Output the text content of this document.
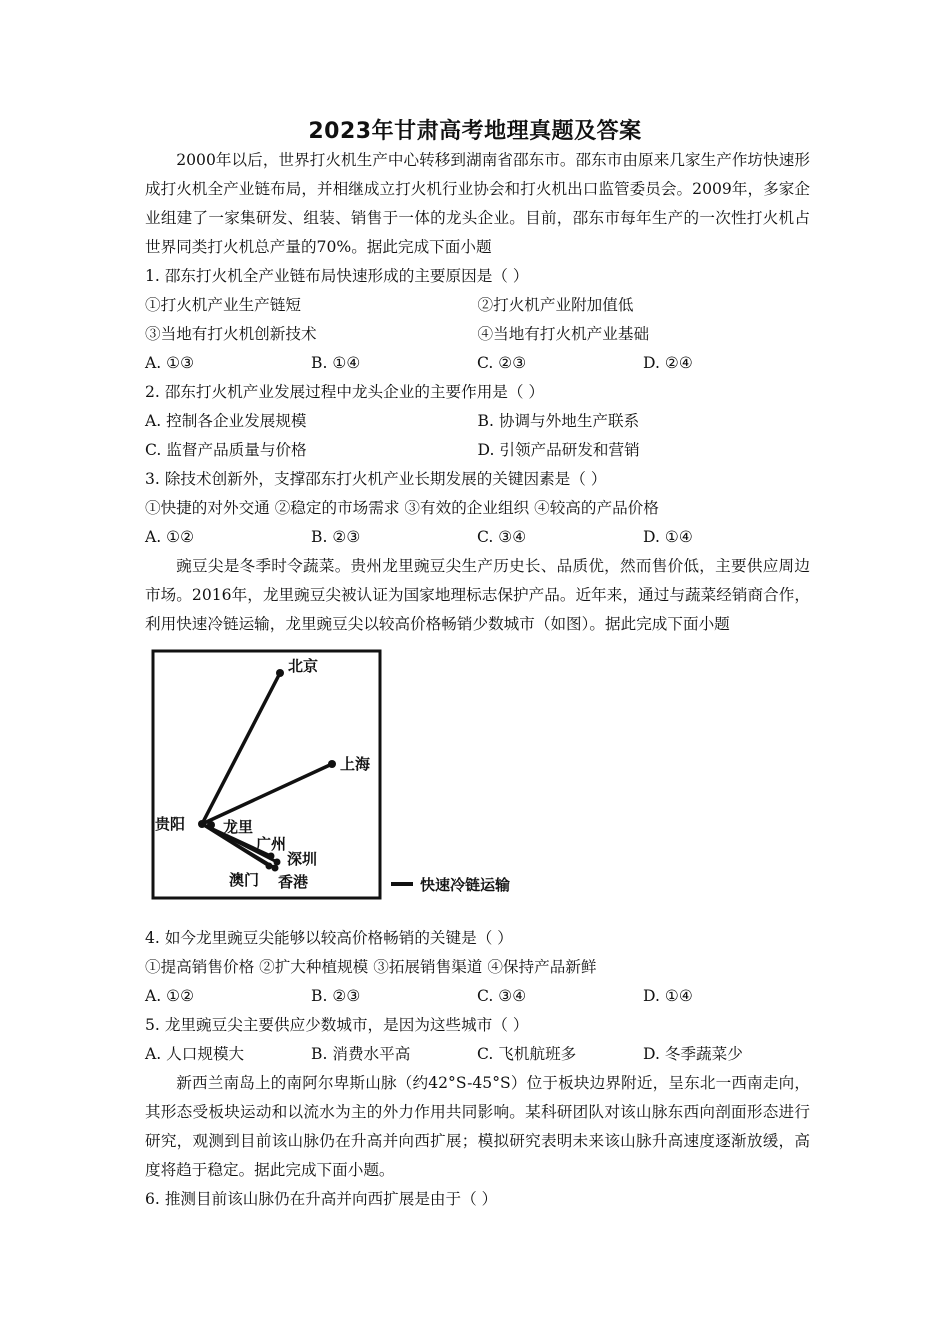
2023年甘肃高考地理真题及答案

2000年以后，世界打火机生产中心转移到湖南省邵东市。邵东市由原来几家生产作坊快速形成打火机全产业链布局，并相继成立打火机行业协会和打火机出口监管委员会。2009年，多家企业组建了一家集研发、组装、销售于一体的龙头企业。目前，邵东市每年生产的一次性打火机占世界同类打火机总产量的70%。据此完成下面小题

1. 邵东打火机全产业链布局快速形成的主要原因是（ ）

①打火机产业生产链短	②打火机产业附加值低
③当地有打火机创新技术	④当地有打火机产业基础
A. ①③	B. ①④	C. ②③	D. ②④

2. 邵东打火机产业发展过程中龙头企业的主要作用是（ ）

A. 控制各企业发展规模	B. 协调与外地生产联系
C. 监督产品质量与价格	D. 引领产品研发和营销

3. 除技术创新外，支撑邵东打火机产业长期发展的关键因素是（ ）

①快捷的对外交通 ②稳定的市场需求 ③有效的企业组织 ④较高的产品价格

A. ①②	B. ②③	C. ③④	D. ①④

豌豆尖是冬季时令蔬菜。贵州龙里豌豆尖生产历史长、品质优，然而售价低，主要供应周边市场。2016年，龙里豌豆尖被认证为国家地理标志保护产品。近年来，通过与蔬菜经销商合作，利用快速冷链运输，龙里豌豆尖以较高价格畅销少数城市（如图）。据此完成下面小题

北京
上海
贵阳	龙里
广州
深圳
澳门 香港	快速冷链运输

4. 如今龙里豌豆尖能够以较高价格畅销的关键是（ ）

①提高销售价格 ②扩大种植规模 ③拓展销售渠道 ④保持产品新鲜

A. ①②	B. ②③	C. ③④	D. ①④

5. 龙里豌豆尖主要供应少数城市，是因为这些城市（ ）

A. 人口规模大	B. 消费水平高	C. 飞机航班多	D. 冬季蔬菜少

新西兰南岛上的南阿尔卑斯山脉（约42°S-45°S）位于板块边界附近，呈东北一西南走向，其形态受板块运动和以流水为主的外力作用共同影响。某科研团队对该山脉东西向剖面形态进行研究，观测到目前该山脉仍在升高并向西扩展；模拟研究表明未来该山脉升高速度逐渐放缓，高度将趋于稳定。据此完成下面小题。

6. 推测目前该山脉仍在升高并向西扩展是由于（ ）
